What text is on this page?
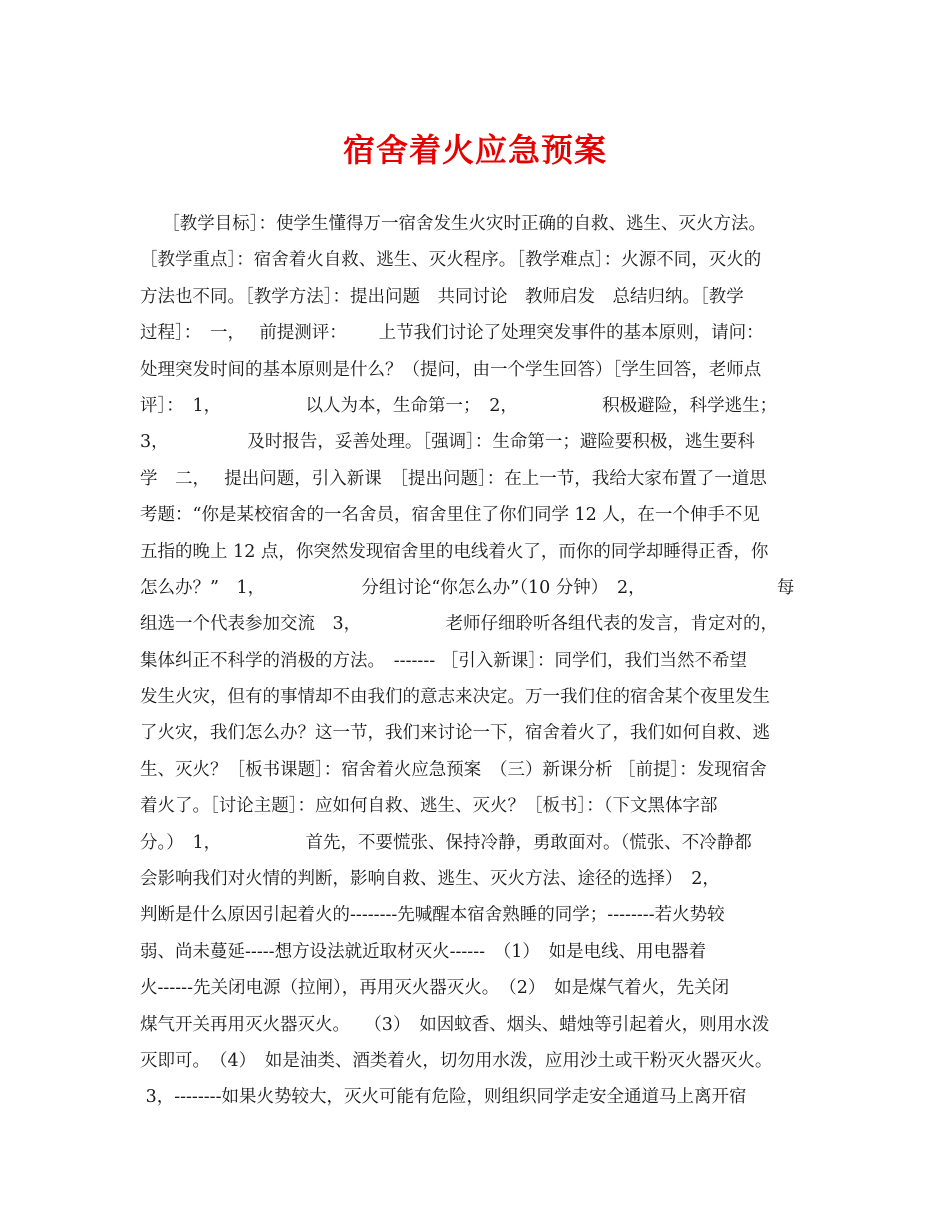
宿舍着火应急预案
［教学目标］：使学生懂得万一宿舍发生火灾时正确的自救、逃生、灭火方法。
［教学重点］：宿舍着火自救、逃生、灭火程序。［教学难点］：火源不同，灭火的
方法也不同。［教学方法］：提出问题　共同讨论　教师启发　总结归纳。［教学
过程］：　一，　 前提测评：　　 上节我们讨论了处理突发事件的基本原则，请问：
处理突发时间的基本原则是什么？（提问，由一个学生回答）［学生回答，老师点
评］：　1，　　　　　 以人为本，生命第一；　2，　　　　　 积极避险，科学逃生；
3，　　　　　及时报告，妥善处理。［强调］：生命第一；避险要积极，逃生要科
学　二，　 提出问题，引入新课　［提出问题］：在上一节，我给大家布置了一道思
考题：“你是某校宿舍的一名舍员，宿舍里住了你们同学 12 人，在一个伸手不见
五指的晚上 12 点，你突然发现宿舍里的电线着火了，而你的同学却睡得正香，你
怎么办？”　1，　　　　　　分组讨论“你怎么办”（10 分钟）　2，　　　　　　　　每
组选一个代表参加交流　3，　　　　　 老师仔细聆听各组代表的发言，肯定对的，
集体纠正不科学的消极的方法。　------- ［引入新课］：同学们，我们当然不希望
发生火灾，但有的事情却不由我们的意志来决定。万一我们住的宿舍某个夜里发生
了火灾，我们怎么办？这一节，我们来讨论一下，宿舍着火了，我们如何自救、逃
生、灭火？［板书课题］：宿舍着火应急预案　（三）新课分析 ［前提］：发现宿舍
着火了。［讨论主题］：应如何自救、逃生、灭火？［板书］：（下文黑体字部
分。）　1，　　　　　 首先，不要慌张、保持冷静，勇敢面对。（慌张、不冷静都
会影响我们对火情的判断，影响自救、逃生、灭火方法、途径的选择）　2，
判断是什么原因引起着火的--------先喊醒本宿舍熟睡的同学；--------若火势较
弱、尚未蔓延-----想方设法就近取材灭火------　（1）　如是电线、用电器着
火------先关闭电源（拉闸），再用灭火器灭火。　（2）　如是煤气着火，先关闭
煤气开关再用灭火器灭火。　 （3）　如因蚊香、烟头、蜡烛等引起着火，则用水泼
灭即可。　（4）　如是油类、酒类着火，切勿用水泼，应用沙土或干粉灭火器灭火。
3，--------如果火势较大，灭火可能有危险，则组织同学走安全通道马上离开宿
